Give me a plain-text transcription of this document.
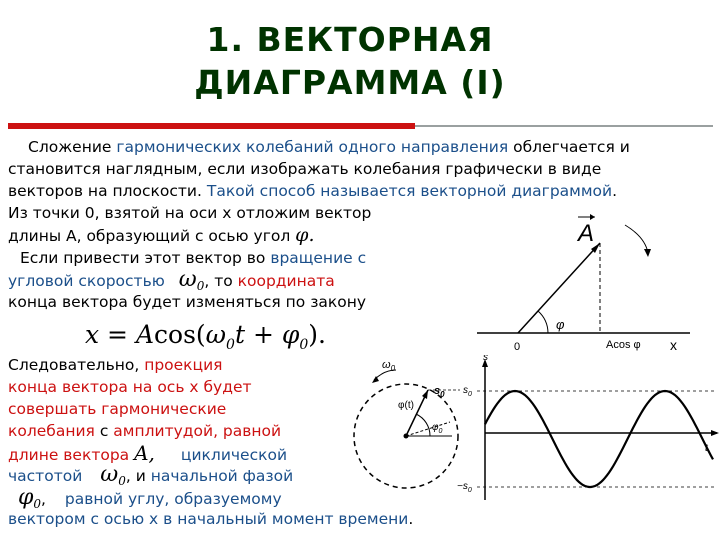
1. ВЕКТОРНАЯ
ДИАГРАММА (I)
Сложение гармонических колебаний одного направления облегчается и
становится наглядным, если изображать колебания графически в виде
векторов на плоскости. Такой способ называется векторной диаграммой.
Из точки 0, взятой на оси x отложим вектор
длины A, образующий с осью угол φ.
Если привести этот вектор во вращение с
угловой скоростью $\omega_0$, то координата
конца вектора будет изменяться по закону
$x = Acos(\omega_0t + \varphi_0)$.
Следовательно, проекция
конца вектора на ось x будет
совершать гармонические
колебания с амплитудой, равной
длине вектора A, циклической
частотой $\omega_0$, и начальной фазой
$\varphi_0$, равной углу, образуемому
вектором с осью x в начальный момент времени.
A
φ
0	Acos φ x
$\omega_0$
$s_0$
φ(t)
$\varphi_0$
s
$s_0$
$-s_0$
t
